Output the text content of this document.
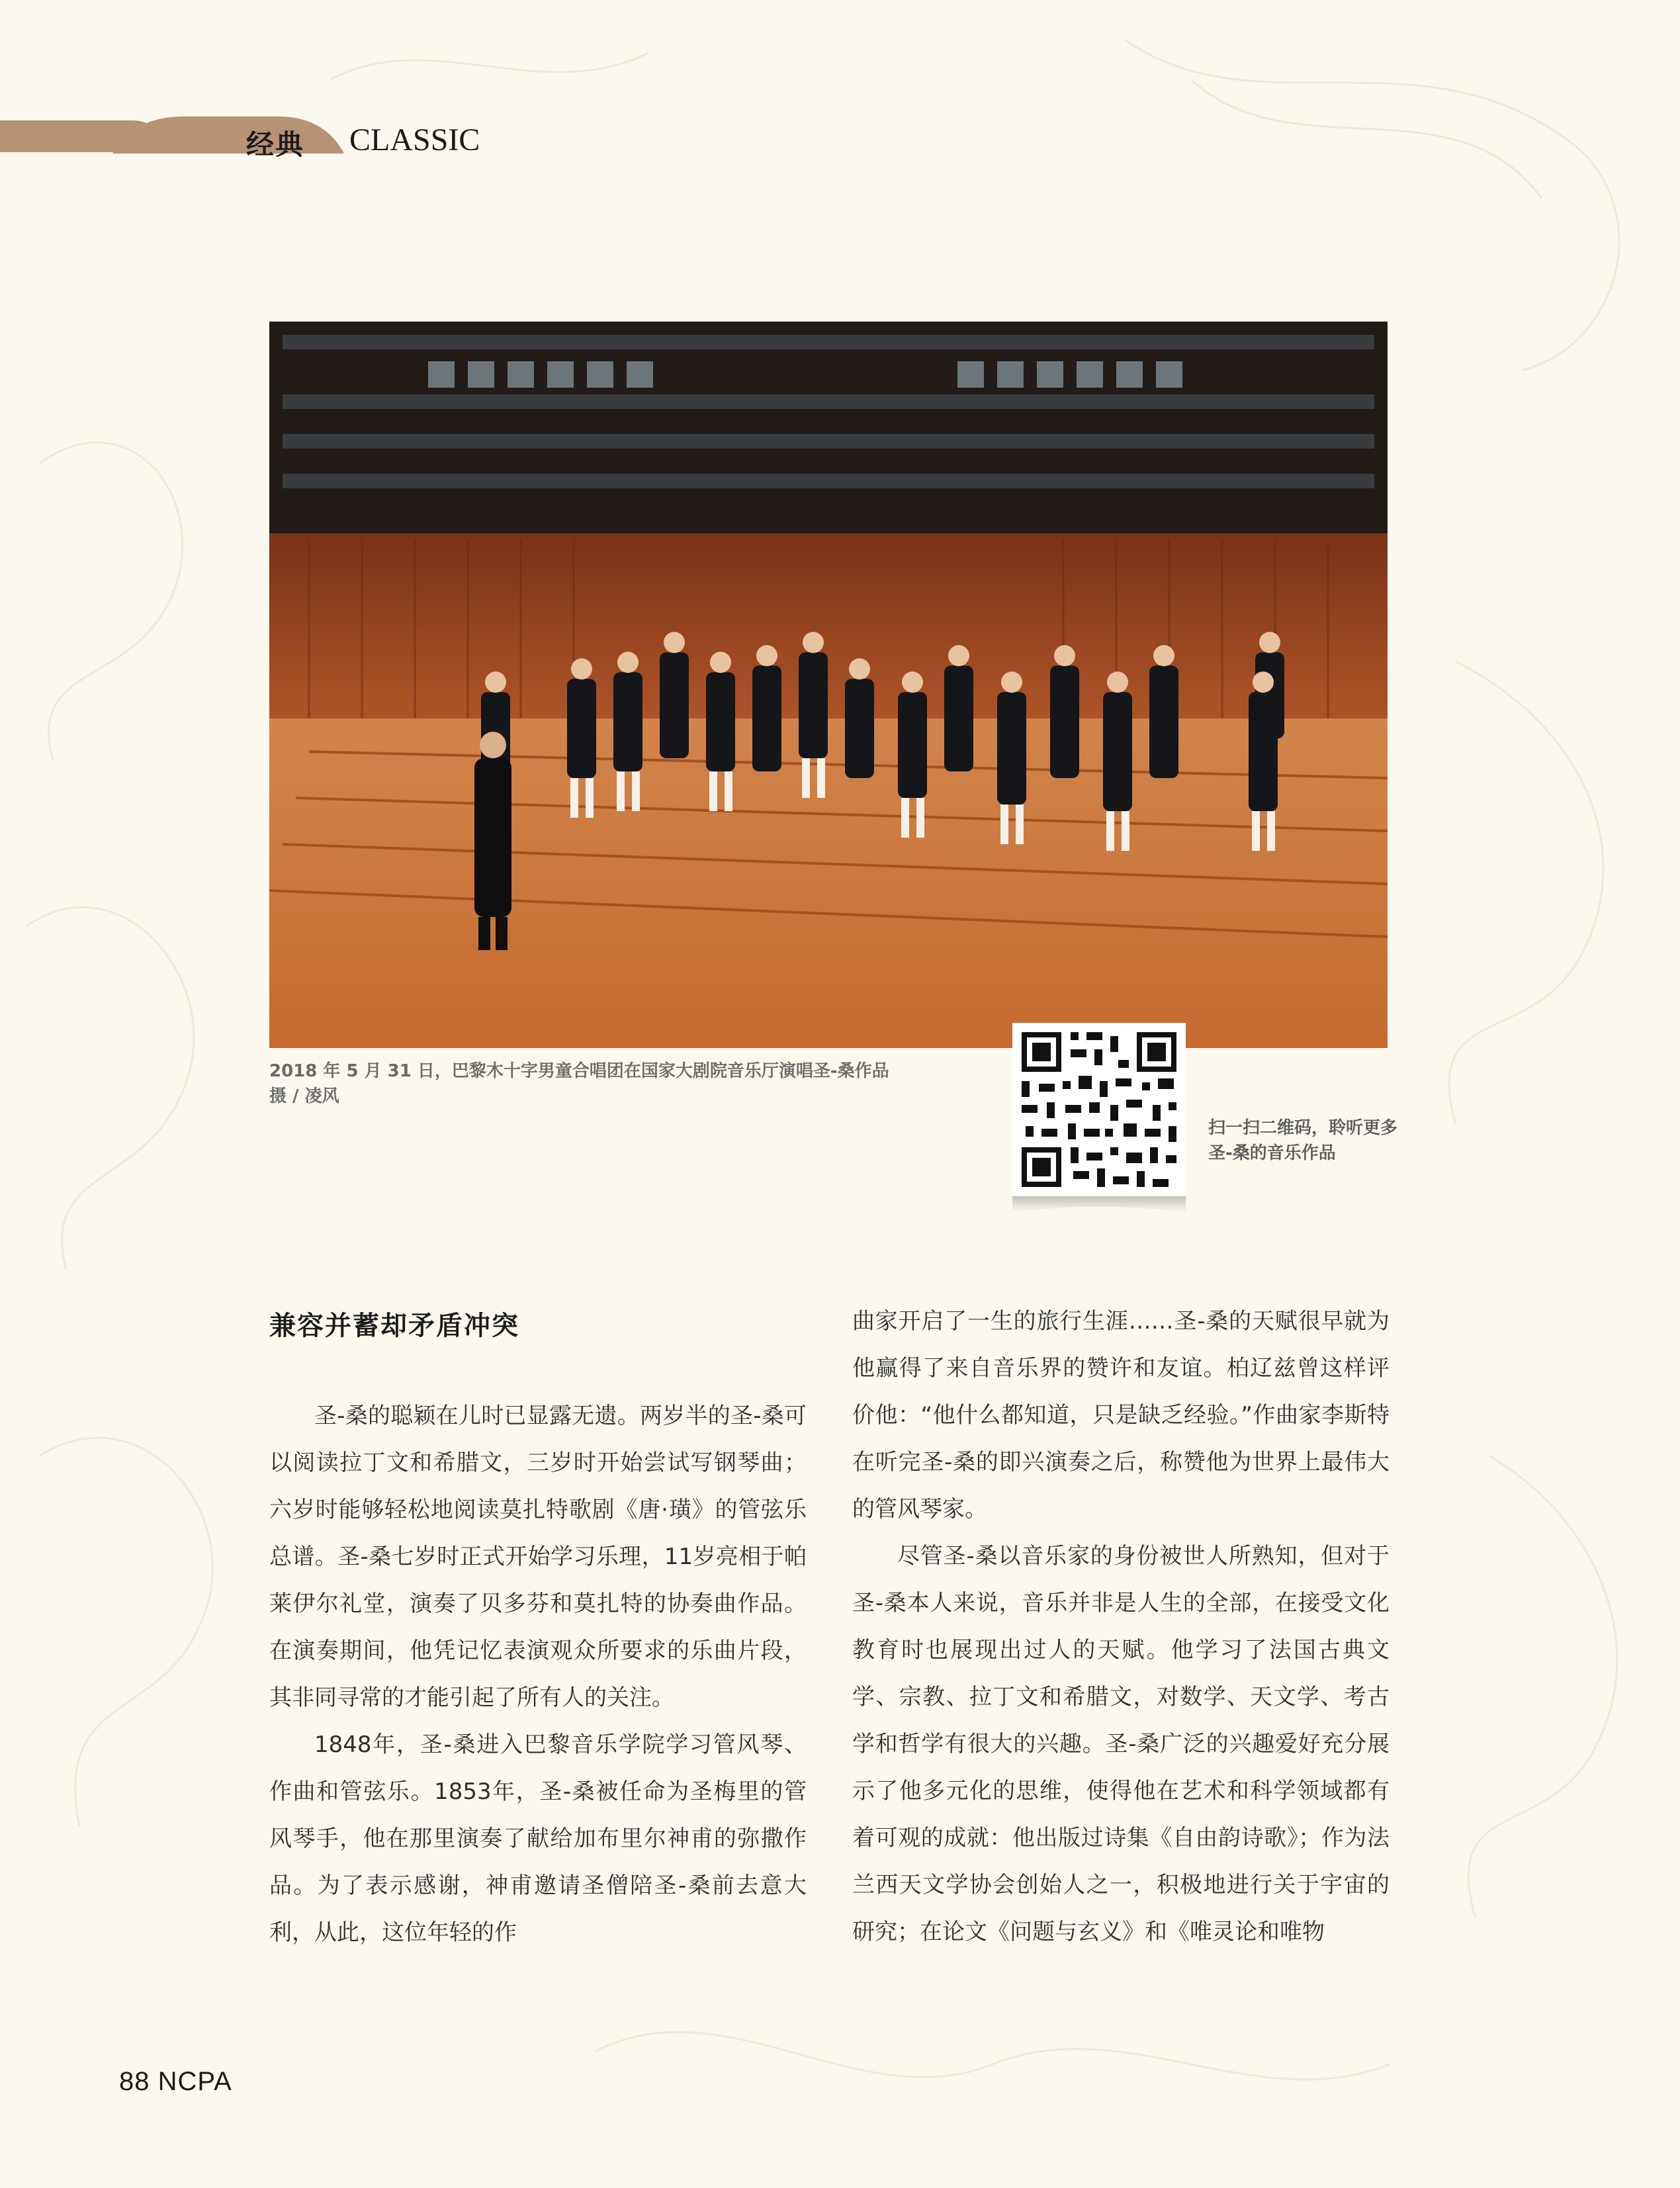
经典 CLASSIC
2018 年 5 月 31 日，巴黎木十字男童合唱团在国家大剧院音乐厅演唱圣-桑作品
摄 / 凌风
扫一扫二维码，聆听更多圣-桑的音乐作品
兼容并蓄却矛盾冲突

圣-桑的聪颖在儿时已显露无遗。两岁半的圣-桑可以阅读拉丁文和希腊文，三岁时开始尝试写钢琴曲；六岁时能够轻松地阅读莫扎特歌剧《唐·璜》的管弦乐总谱。圣-桑七岁时正式开始学习乐理，11岁亮相于帕莱伊尔礼堂，演奏了贝多芬和莫扎特的协奏曲作品。在演奏期间，他凭记忆表演观众所要求的乐曲片段，其非同寻常的才能引起了所有人的关注。

1848年，圣-桑进入巴黎音乐学院学习管风琴、作曲和管弦乐。1853年，圣-桑被任命为圣梅里的管风琴手，他在那里演奏了献给加布里尔神甫的弥撒作品。为了表示感谢，神甫邀请圣僧陪圣-桑前去意大利，从此，这位年轻的作

曲家开启了一生的旅行生涯……圣-桑的天赋很早就为他赢得了来自音乐界的赞许和友谊。柏辽兹曾这样评价他：“他什么都知道，只是缺乏经验。”作曲家李斯特在听完圣-桑的即兴演奏之后，称赞他为世界上最伟大的管风琴家。

尽管圣-桑以音乐家的身份被世人所熟知，但对于圣-桑本人来说，音乐并非是人生的全部，在接受文化教育时也展现出过人的天赋。他学习了法国古典文学、宗教、拉丁文和希腊文，对数学、天文学、考古学和哲学有很大的兴趣。圣-桑广泛的兴趣爱好充分展示了他多元化的思维，使得他在艺术和科学领域都有着可观的成就：他出版过诗集《自由韵诗歌》；作为法兰西天文学协会创始人之一，积极地进行关于宇宙的研究；在论文《问题与玄义》和《唯灵论和唯物

88 NCPA
